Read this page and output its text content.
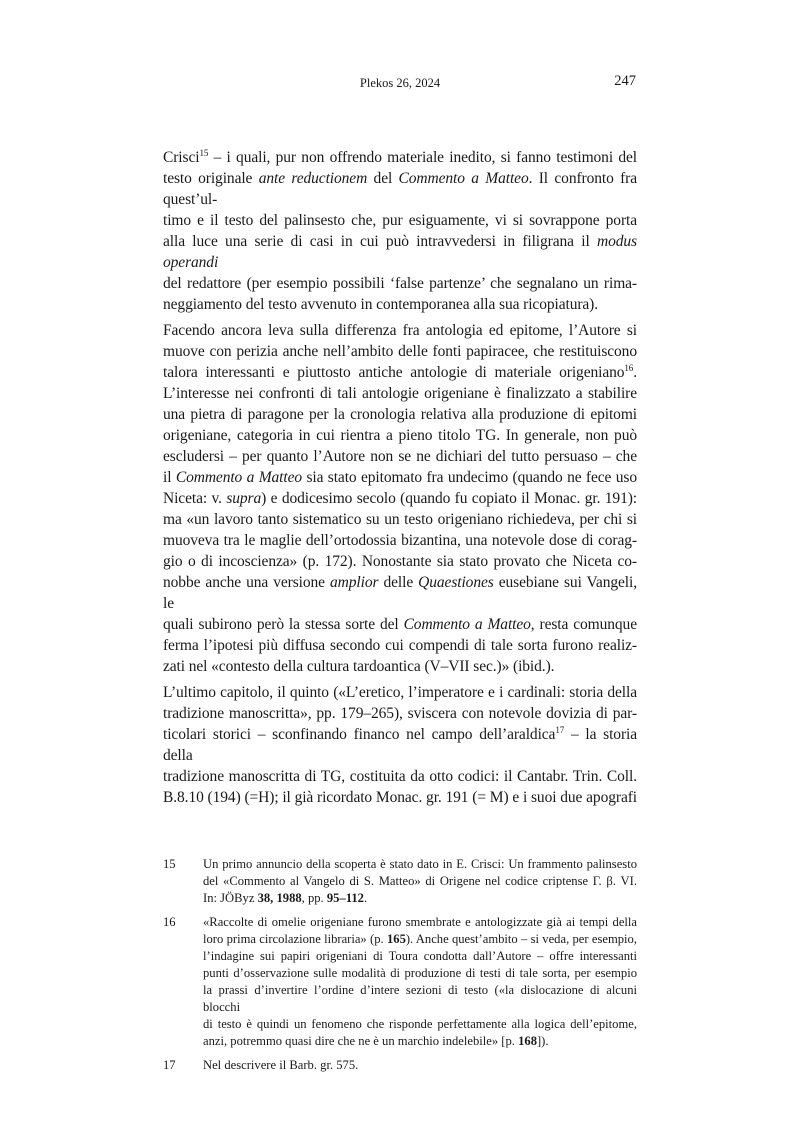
Plekos 26, 2024	247
Crisci$^{15}$ – i quali, pur non offrendo materiale inedito, si fanno testimoni del
testo originale ante reductionem del Commento a Matteo. Il confronto fra quest’ul-
timo e il testo del palinsesto che, pur esiguamente, vi si sovrappone porta
alla luce una serie di casi in cui può intravvedersi in filigrana il modus operandi
del redattore (per esempio possibili ‘false partenze’ che segnalano un rima-
neggiamento del testo avvenuto in contemporanea alla sua ricopiatura).
Facendo ancora leva sulla differenza fra antologia ed epitome, l’Autore si
muove con perizia anche nell’ambito delle fonti papiracee, che restituiscono
talora interessanti e piuttosto antiche antologie di materiale origeniano$^{16}$.
L’interesse nei confronti di tali antologie origeniane è finalizzato a stabilire
una pietra di paragone per la cronologia relativa alla produzione di epitomi
origeniane, categoria in cui rientra a pieno titolo TG. In generale, non può
escludersi – per quanto l’Autore non se ne dichiari del tutto persuaso – che
il Commento a Matteo sia stato epitomato fra undecimo (quando ne fece uso
Niceta: v. supra) e dodicesimo secolo (quando fu copiato il Monac. gr. 191):
ma «un lavoro tanto sistematico su un testo origeniano richiedeva, per chi si
muoveva tra le maglie dell’ortodossia bizantina, una notevole dose di corag-
gio o di incoscienza» (p. 172). Nonostante sia stato provato che Niceta co-
nobbe anche una versione amplior delle Quaestiones eusebiane sui Vangeli, le
quali subirono però la stessa sorte del Commento a Matteo, resta comunque
ferma l’ipotesi più diffusa secondo cui compendi di tale sorta furono realiz-
zati nel «contesto della cultura tardoantica (V–VII sec.)» (ibid.).
L’ultimo capitolo, il quinto («L’eretico, l’imperatore e i cardinali: storia della
tradizione manoscritta», pp. 179–265), sviscera con notevole dovizia di par-
ticolari storici – sconfinando financo nel campo dell’araldica$^{17}$ – la storia della
tradizione manoscritta di TG, costituita da otto codici: il Cantabr. Trin. Coll.
B.8.10 (194) (=H); il già ricordato Monac. gr. 191 (= M) e i suoi due apografi
15	Un primo annuncio della scoperta è stato dato in E. Crisci: Un frammento palinsesto
del «Commento al Vangelo di S. Matteo» di Origene nel codice criptense Γ. β. VI.
In: JÖByz 38, 1988, pp. 95–112.
16	«Raccolte di omelie origeniane furono smembrate e antologizzate già ai tempi della
loro prima circolazione libraria» (p. 165). Anche quest’ambito – si veda, per esempio,
l’indagine sui papiri origeniani di Toura condotta dall’Autore – offre interessanti
punti d’osservazione sulle modalità di produzione di testi di tale sorta, per esempio
la prassi d’invertire l’ordine d’intere sezioni di testo («la dislocazione di alcuni blocchi
di testo è quindi un fenomeno che risponde perfettamente alla logica dell’epitome,
anzi, potremmo quasi dire che ne è un marchio indelebile» [p. 168]).
17	Nel descrivere il Barb. gr. 575.
